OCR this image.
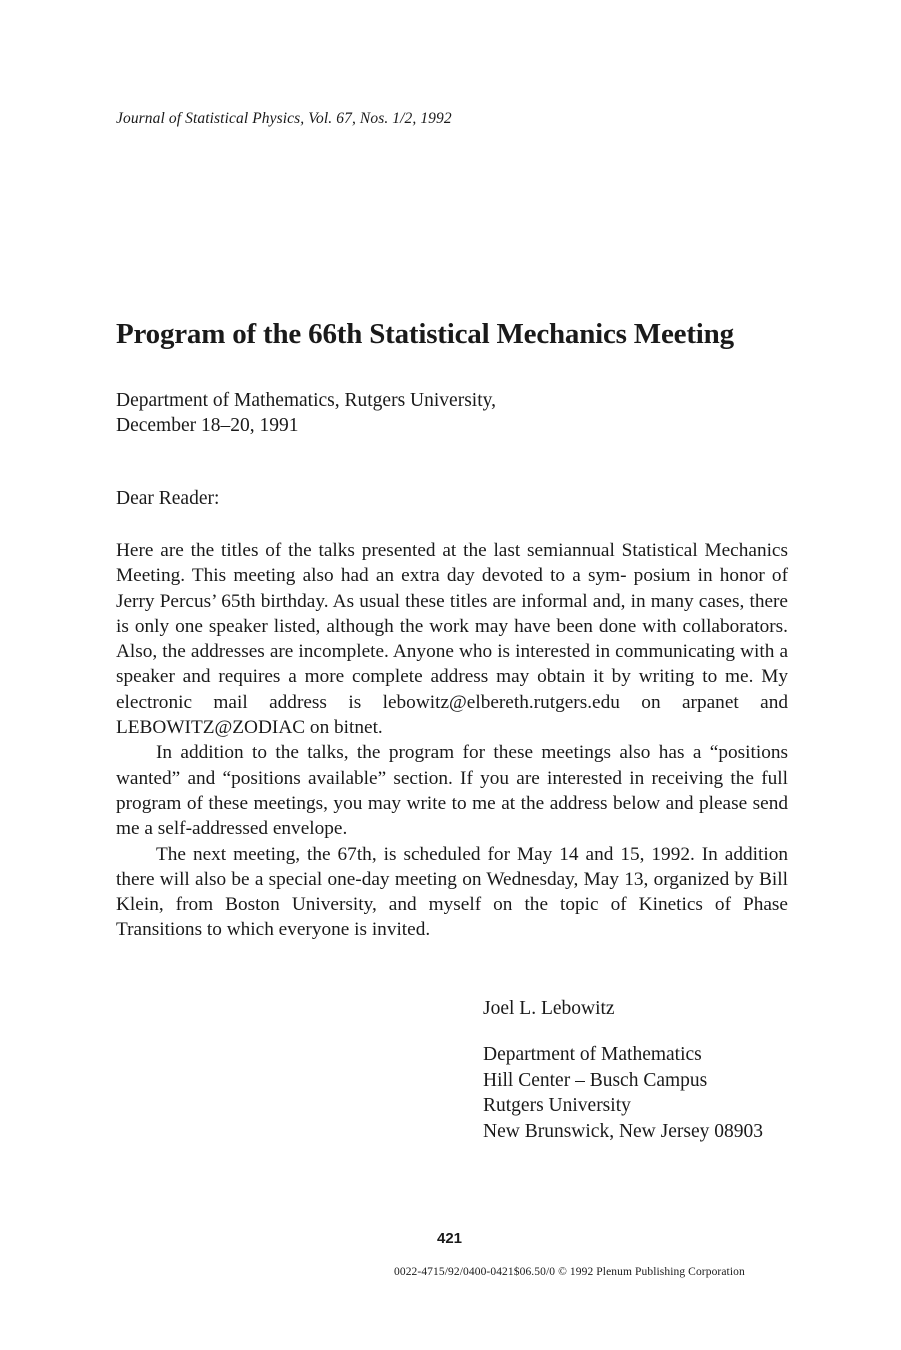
Journal of Statistical Physics, Vol. 67, Nos. 1/2, 1992
Program of the 66th Statistical Mechanics Meeting
Department of Mathematics, Rutgers University,
December 18–20, 1991
Dear Reader:

Here are the titles of the talks presented at the last semiannual Statistical Mechanics Meeting. This meeting also had an extra day devoted to a sym- posium in honor of Jerry Percus’ 65th birthday. As usual these titles are informal and, in many cases, there is only one speaker listed, although the work may have been done with collaborators. Also, the addresses are incomplete. Anyone who is interested in communicating with a speaker and requires a more complete address may obtain it by writing to me. My electronic mail address is lebowitz@elbereth.rutgers.edu on arpanet and LEBOWITZ@ZODIAC on bitnet.

In addition to the talks, the program for these meetings also has a “positions wanted” and “positions available” section. If you are interested in receiving the full program of these meetings, you may write to me at the address below and please send me a self-addressed envelope.

The next meeting, the 67th, is scheduled for May 14 and 15, 1992. In addition there will also be a special one-day meeting on Wednesday, May 13, organized by Bill Klein, from Boston University, and myself on the topic of Kinetics of Phase Transitions to which everyone is invited.

Joel L. Lebowitz
Department of Mathematics
Hill Center – Busch Campus
Rutgers University
New Brunswick, New Jersey 08903
421
0022-4715/92/0400-0421$06.50/0 © 1992 Plenum Publishing Corporation
